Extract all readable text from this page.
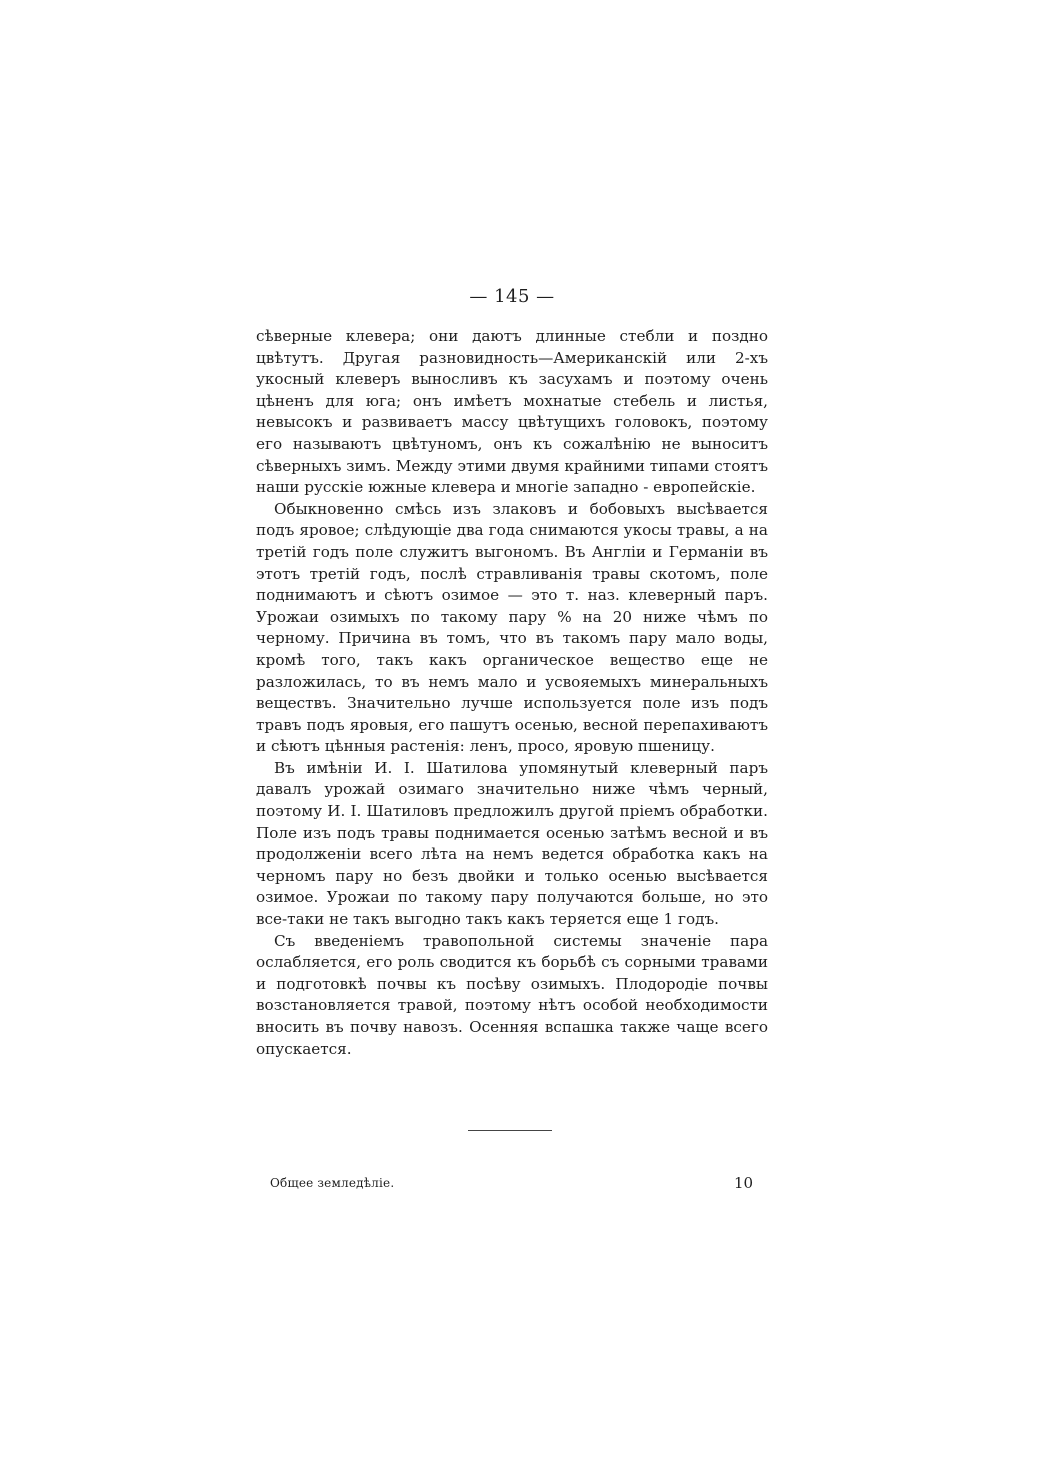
— 145 —

сѣверные клевера; они даютъ длинные стебли и поздно цвѣтутъ. Другая разновидность—Американскій или 2-хъ укосный клеверъ выносливъ къ засухамъ и поэтому очень цѣненъ для юга; онъ имѣетъ мохнатые стебель и листья, невысокъ и развиваетъ массу цвѣтущихъ головокъ, поэтому его называютъ цвѣтуномъ, онъ къ сожалѣнію не выноситъ сѣверныхъ зимъ. Между этими двумя крайними типами стоятъ наши русскіе южные клевера и многіе западно - европейскіе.

Обыкновенно смѣсь изъ злаковъ и бобовыхъ высѣвается подъ яровое; слѣдующіе два года снимаются укосы травы, а на третій годъ поле служитъ выгономъ. Въ Англіи и Германіи въ этотъ третій годъ, послѣ стравливанія травы скотомъ, поле поднимаютъ и сѣютъ озимое — это т. наз. клеверный паръ. Урожаи озимыхъ по такому пару % на 20 ниже чѣмъ по черному. Причина въ томъ, что въ такомъ пару мало воды, кромѣ того, такъ какъ органическое вещество еще не разложилась, то въ немъ мало и усвояемыхъ минеральныхъ веществъ. Значительно лучше используется поле изъ подъ травъ подъ яровыя, его пашутъ осенью, весной перепахиваютъ и сѣютъ цѣнныя растенія: ленъ, просо, яровую пшеницу.

Въ имѣніи И. І. Шатилова упомянутый клеверный паръ давалъ урожай озимаго значительно ниже чѣмъ черный, поэтому И. І. Шатиловъ предложилъ другой пріемъ обработки. Поле изъ подъ травы поднимается осенью затѣмъ весной и въ продолженіи всего лѣта на немъ ведется обработка какъ на черномъ пару но безъ двойки и только осенью высѣвается озимое. Урожаи по такому пару получаются больше, но это все-таки не такъ выгодно такъ какъ теряется еще 1 годъ.

Съ введеніемъ травопольной системы значеніе пара ослабляется, его роль сводится къ борьбѣ съ сорными травами и подготовкѣ почвы къ посѣву озимыхъ. Плодородіе почвы возстановляется травой, поэтому нѣтъ особой необходимости вносить въ почву навозъ. Осенняя вспашка также чаще всего опускается.

Общее земледѣліе.	10
